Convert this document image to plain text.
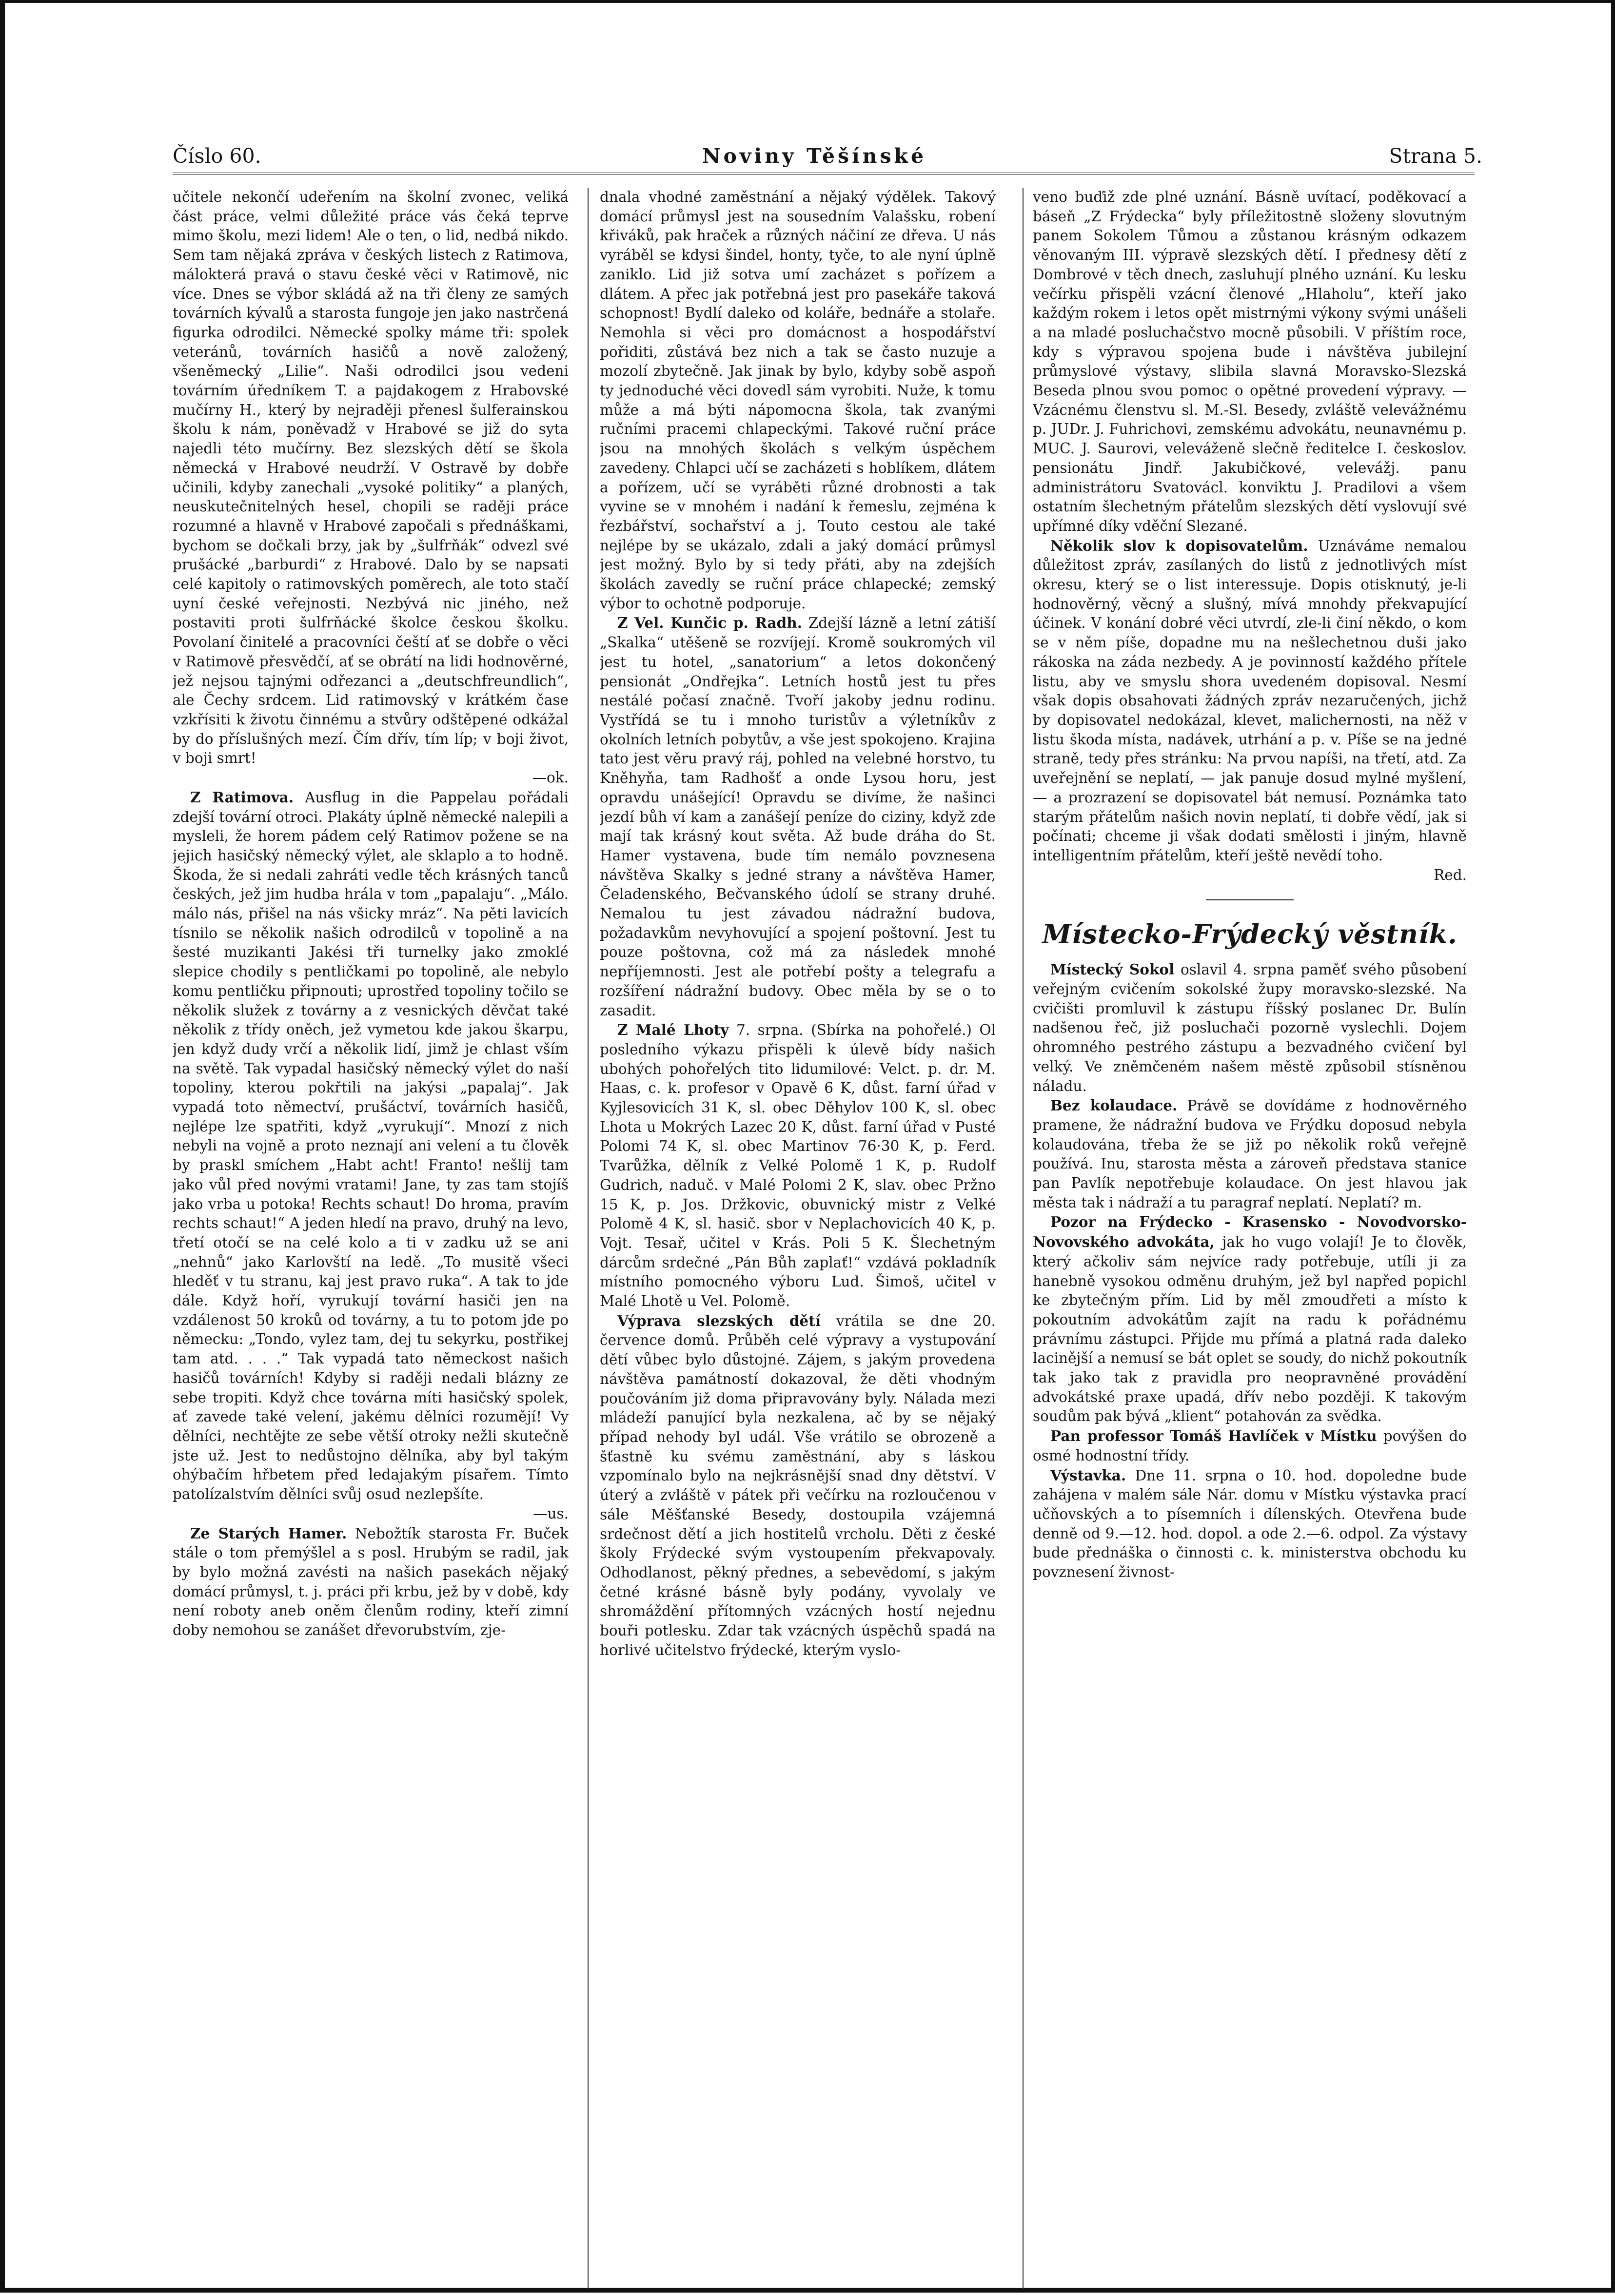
Číslo 60.	Noviny Těšínské	Strana 5.

učitele nekončí udeřením na školní zvonec, veliká část práce, velmi důležité práce vás čeká teprve mimo školu, mezi lidem! Ale o ten, o lid, nedbá nikdo. Sem tam nějaká zpráva v českých listech z Ratimova, málokterá pravá o stavu české věci v Ratimově, nic více. Dnes se výbor skládá až na tři členy ze samých továrních kývalů a starosta fungoje jen jako nastrčená figurka odrodilci. Německé spolky máme tři: spolek veteránů, továrních hasičů a nově založený, všeněmecký „Lilie“. Naši odrodilci jsou vedeni továrním úředníkem T. a pajdakogem z Hrabovské mučírny H., který by nejraději přenesl šulferainskou školu k nám, poněvadž v Hrabové se již do syta najedli této mučírny. Bez slezských dětí se škola německá v Hrabové neudrží. V Ostravě by dobře učinili, kdyby zanechali „vysoké politiky“ a planých, neuskutečnitelných hesel, chopili se raději práce rozumné a hlavně v Hrabové započali s přednáškami, bychom se dočkali brzy, jak by „šulfrňák“ odvezl své prušácké „barburdi“ z Hrabové. Dalo by se napsati celé kapitoly o ratimovských poměrech, ale toto stačí uyní české veřejnosti. Nezbývá nic jiného, než postaviti proti šulfrňácké školce českou školku. Povolaní činitelé a pracovníci čeští ať se dobře o věci v Ratimově přesvědčí, ať se obrátí na lidi hodnověrné, jež nejsou tajnými odřezanci a „deutschfreundlich“, ale Čechy srdcem. Lid ratimovský v krátkém čase vzkřísiti k životu činnému a stvůry odštěpené odkážal by do příslušných mezí. Čím dřív, tím líp; v boji život, v boji smrt!

—ok.

Z Ratimova. Ausflug in die Pappelau pořádali zdejší tovární otroci. Plakáty úplně německé nalepili a mysleli, že horem pádem celý Ratimov požene se na jejich hasičský německý výlet, ale sklaplo a to hodně. Škoda, že si nedali zahráti vedle těch krásných tanců českých, jež jim hudba hrála v tom „papalaju“. „Málo. málo nás, přišel na nás všicky mráz“. Na pěti lavicích tísnilo se několik našich odrodilců v topolině a na šesté muzikanti Jakési tři turnelky jako zmoklé slepice chodily s pentličkami po topolině, ale nebylo komu pentličku připnouti; uprostřed topoliny točilo se několik služek z továrny a z vesnických děvčat také několik z třídy oněch, jež vymetou kde jakou škarpu, jen když dudy vrčí a několik lidí, jimž je chlast vším na světě. Tak vypadal hasičský německý výlet do naší topoliny, kterou pokřtili na jakýsi „papalaj“. Jak vypadá toto němectví, prušáctví, továrních hasičů, nejlépe lze spatřiti, když „vyrukují“. Mnozí z nich nebyli na vojně a proto neznají ani velení a tu člověk by praskl smíchem „Habt acht! Franto! nešlij tam jako vůl před novými vratami! Jane, ty zas tam stojíš jako vrba u potoka! Rechts schaut! Do hroma, pravím rechts schaut!“ A jeden hledí na pravo, druhý na levo, třetí otočí se na celé kolo a ti v zadku už se ani „nehnů“ jako Karlovští na ledě. „To musitě všeci hleděť v tu stranu, kaj jest pravo ruka“. A tak to jde dále. Když hoří, vyrukují tovární hasiči jen na vzdálenost 50 kroků od továrny, a tu to potom jde po německu: „Tondo, vylez tam, dej tu sekyrku, postřikej tam atd. . . .“ Tak vypadá tato německost našich hasičů továrních! Kdyby si raději nedali blázny ze sebe tropiti. Když chce továrna míti hasičský spolek, ať zavede také velení, jakému dělníci rozumějí! Vy dělníci, nechtějte ze sebe větší otroky nežli skutečně jste už. Jest to nedůstojno dělníka, aby byl takým ohýbačím hřbetem před ledajakým písařem. Tímto patolízalstvím dělníci svůj osud nezlepšíte.

—us.

Ze Starých Hamer. Nebožtík starosta Fr. Buček stále o tom přemýšlel a s posl. Hrubým se radil, jak by bylo možná zavésti na našich pasekách nějaký domácí průmysl, t. j. práci při krbu, jež by v době, kdy není roboty aneb oněm členům rodiny, kteří zimní doby nemohou se zanášet dřevorubstvím, zje-

dnala vhodné zaměstnání a nějaký výdělek. Takový domácí průmysl jest na sousedním Valašsku, robení křiváků, pak hraček a různých náčiní ze dřeva. U nás vyráběl se kdysi šindel, honty, tyče, to ale nyní úplně zaniklo. Lid již sotva umí zacházet s pořízem a dlátem. A přec jak potřebná jest pro pasekáře taková schopnost! Bydlí daleko od koláře, bednáře a stolaře. Nemohla si věci pro domácnost a hospodářství pořiditi, zůstává bez nich a tak se často nuzuje a mozolí zbytečně. Jak jinak by bylo, kdyby sobě aspoň ty jednoduché věci dovedl sám vyrobiti. Nuže, k tomu může a má býti nápomocna škola, tak zvanými ručními pracemi chlapeckými. Takové ruční práce jsou na mnohých školách s velkým úspěchem zavedeny. Chlapci učí se zacházeti s hoblíkem, dlátem a pořízem, učí se vyráběti různé drobnosti a tak vyvine se v mnohém i nadání k řemeslu, zejména k řezbářství, sochařství a j. Touto cestou ale také nejlépe by se ukázalo, zdali a jaký domácí průmysl jest možný. Bylo by si tedy přáti, aby na zdejších školách zavedly se ruční práce chlapecké; zemský výbor to ochotně podporuje.

Z Vel. Kunčic p. Radh. Zdejší lázně a letní zátiší „Skalka“ utěšeně se rozvíjejí. Kromě soukromých vil jest tu hotel, „sanatorium“ a letos dokončený pensionát „Ondřejka“. Letních hostů jest tu přes nestálé počasí značně. Tvoří jakoby jednu rodinu. Vystřídá se tu i mnoho turistův a výletníkův z okolních letních pobytův, a vše jest spokojeno. Krajina tato jest věru pravý ráj, pohled na velebné horstvo, tu Kněhyňa, tam Radhošť a onde Lysou horu, jest opravdu unášející! Opravdu se divíme, že našinci jezdí bůh ví kam a zanášejí peníze do ciziny, když zde mají tak krásný kout světa. Až bude dráha do St. Hamer vystavena, bude tím nemálo povznesena návštěva Skalky s jedné strany a návštěva Hamer, Čeladenského, Bečvanského údolí se strany druhé. Nemalou tu jest závadou nádražní budova, požadavkům nevyhovující a spojení poštovní. Jest tu pouze poštovna, což má za následek mnohé nepříjemnosti. Jest ale potřebí pošty a telegrafu a rozšíření nádražní budovy. Obec měla by se o to zasadit.

Z Malé Lhoty 7. srpna. (Sbírka na pohořelé.) Ol posledního výkazu přispěli k úlevě bídy našich ubohých pohořelých tito lidumilové: Velct. p. dr. M. Haas, c. k. profesor v Opavě 6 K, důst. farní úřad v Kyjlesovicích 31 K, sl. obec Děhylov 100 K, sl. obec Lhota u Mokrých Lazec 20 K, důst. farní úřad v Pusté Polomi 74 K, sl. obec Martinov 76·30 K, p. Ferd. Tvarůžka, dělník z Velké Polomě 1 K, p. Rudolf Gudrich, naduč. v Malé Polomi 2 K, slav. obec Pržno 15 K, p. Jos. Držkovic, obuvnický mistr z Velké Polomě 4 K, sl. hasič. sbor v Neplachovicích 40 K, p. Vojt. Tesař, učitel v Krás. Poli 5 K. Šlechetným dárcům srdečné „Pán Bůh zaplať!“ vzdává pokladník místního pomocného výboru Lud. Šimoš, učitel v Malé Lhotě u Vel. Polomě.

Výprava slezských dětí vrátila se dne 20. července domů. Průběh celé výpravy a vystupování dětí vůbec bylo důstojné. Zájem, s jakým provedena návštěva památností dokazoval, že děti vhodným poučováním již doma připravovány byly. Nálada mezi mládeží panující byla nezkalena, ač by se nějaký případ nehody byl udál. Vše vrátilo se obrozeně a šťastně ku svému zaměstnání, aby s láskou vzpomínalo bylo na nejkrásnější snad dny dětství. V úterý a zvláště v pátek při večírku na rozloučenou v sále Měšťanské Besedy, dostoupila vzájemná srdečnost dětí a jich hostitelů vrcholu. Děti z české školy Frýdecké svým vystoupením překvapovaly. Odhodlanost, pěkný přednes, a sebevědomí, s jakým četné krásné básně byly podány, vyvolaly ve shromáždění přítomných vzácných hostí nejednu bouři potlesku. Zdar tak vzácných úspěchů spadá na horlivé učitelstvo frýdecké, kterým vyslo-

veno buďiž zde plné uznání. Básně uvítací, poděkovací a báseň „Z Frýdecka“ byly příležitostně složeny slovutným panem Sokolem Tůmou a zůstanou krásným odkazem věnovaným III. výpravě slezských dětí. I přednesy dětí z Dombrové v těch dnech, zasluhují plného uznání. Ku lesku večírku přispěli vzácní členové „Hlaholu“, kteří jako každým rokem i letos opět mistrnými výkony svými unášeli a na mladé posluchačstvo mocně působili. V příštím roce, kdy s výpravou spojena bude i návštěva jubilejní průmyslové výstavy, slibila slavná Moravsko-Slezská Beseda plnou svou pomoc o opětné provedení výpravy. — Vzácnému členstvu sl. M.-Sl. Besedy, zvláště velevážnému p. JUDr. J. Fuhrichovi, zemskému advokátu, neunavnému p. MUC. J. Saurovi, veleváženě slečně ředitelce I. českoslov. pensionátu Jindř. Jakubičkové, velevážj. panu administrátoru Svatovácl. konviktu J. Pradilovi a všem ostatním šlechetným přátelům slezských dětí vyslovují své upřímné díky vděční Slezané.

Několik slov k dopisovatelům. Uznáváme nemalou důležitost zpráv, zasílaných do listů z jednotlivých míst okresu, který se o list interessuje. Dopis otisknutý, je-li hodnověrný, věcný a slušný, mívá mnohdy překvapující účinek. V konání dobré věci utvrdí, zle-li činí někdo, o kom se v něm píše, dopadne mu na nešlechetnou duši jako rákoska na záda nezbedy. A je povinností každého přítele listu, aby ve smyslu shora uvedeném dopisoval. Nesmí však dopis obsahovati žádných zpráv nezaručených, jichž by dopisovatel nedokázal, klevet, malichernosti, na něž v listu škoda místa, nadávek, utrhání a p. v. Píše se na jedné straně, tedy přes stránku: Na prvou napíši, na třetí, atd. Za uveřejnění se neplatí, — jak panuje dosud mylné myšlení, — a prozrazení se dopisovatel bát nemusí. Poznámka tato starým přátelům našich novin neplatí, ti dobře vědí, jak si počínati; chceme ji však dodati smělosti i jiným, hlavně intelligentním přátelům, kteří ještě nevědí toho.

Red.

Místecko-Frýdecký věstník.

Místecký Sokol oslavil 4. srpna paměť svého působení veřejným cvičením sokolské župy moravsko-slezské. Na cvičišti promluvil k zástupu říšský poslanec Dr. Bulín nadšenou řeč, již posluchači pozorně vyslechli. Dojem ohromného pestrého zástupu a bezvadného cvičení byl velký. Ve zněmčeném našem městě způsobil stísněnou náladu.

Bez kolaudace. Právě se dovídáme z hodnověrného pramene, že nádražní budova ve Frýdku doposud nebyla kolaudována, třeba že se již po několik roků veřejně používá. Inu, starosta města a zároveň představa stanice pan Pavlík nepotřebuje kolaudace. On jest hlavou jak města tak i nádraží a tu paragraf neplatí. Neplatí? m.

Pozor na Frýdecko - Krasensko - Novodvorsko-Novovského advokáta, jak ho vugo volají! Je to člověk, který ačkoliv sám nejvíce rady potřebuje, utíli ji za hanebně vysokou odměnu druhým, jež byl napřed popichl ke zbytečným přím. Lid by měl zmoudřeti a místo k pokoutním advokátům zajít na radu k pořádnému právnímu zástupci. Přijde mu přímá a platná rada daleko lacinější a nemusí se bát oplet se soudy, do nichž pokoutník tak jako tak z pravidla pro neopravněné provádění advokátské praxe upadá, dřív nebo později. K takovým soudům pak bývá „klient“ potahován za svědka.

Pan professor Tomáš Havlíček v Místku povýšen do osmé hodnostní třídy.

Výstavka. Dne 11. srpna o 10. hod. dopoledne bude zahájena v malém sále Nár. domu v Místku výstavka prací učňovských a to písemních i dílenských. Otevřena bude denně od 9.—12. hod. dopol. a ode 2.—6. odpol. Za výstavy bude přednáška o činnosti c. k. ministerstva obchodu ku povznesení živnost-
